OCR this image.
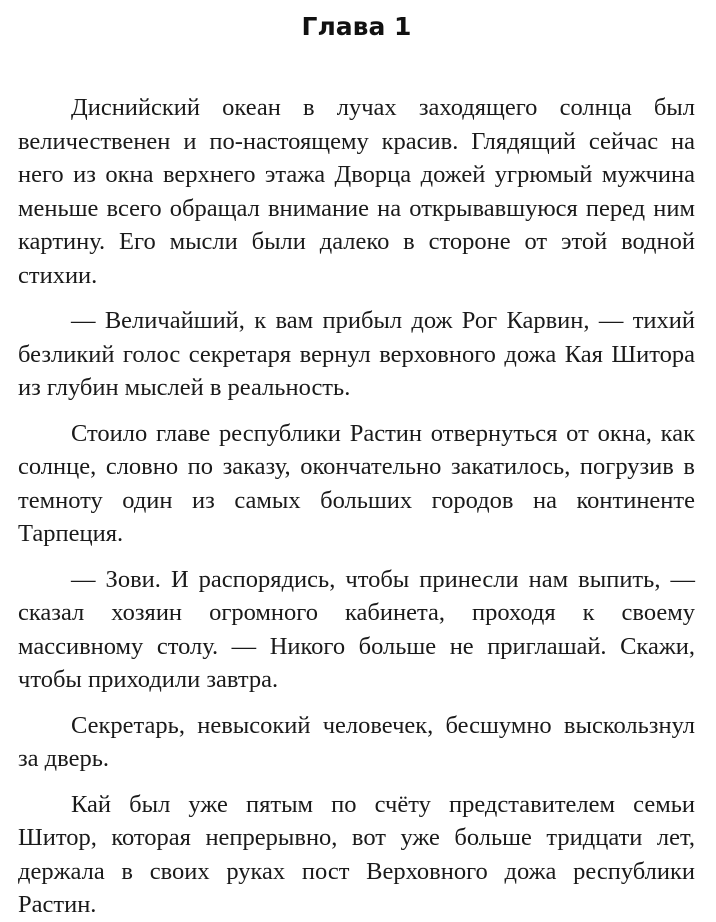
Глава 1

Диснийский океан в лучах заходящего солнца был величественен и по-настоящему красив. Глядящий сейчас на него из окна верхнего этажа Дворца дожей угрюмый мужчина меньше всего обращал внимание на открывавшуюся перед ним картину. Его мысли были далеко в стороне от этой водной стихии.

— Величайший, к вам прибыл дож Рог Карвин, — тихий безликий голос секретаря вернул верховного дожа Кая Шитора из глубин мыслей в реальность.

Стоило главе республики Растин отвернуться от окна, как солнце, словно по заказу, окончательно закатилось, погрузив в темноту один из самых больших городов на континенте Тарпеция.

— Зови. И распорядись, чтобы принесли нам выпить, — сказал хозяин огромного кабинета, проходя к своему массивному столу. — Никого больше не приглашай. Скажи, чтобы приходили завтра.

Секретарь, невысокий человечек, бесшумно выскользнул за дверь.

Кай был уже пятым по счёту представителем семьи Шитор, которая непрерывно, вот уже больше тридцати лет, держала в своих руках пост Верховного дожа республики Растин.
